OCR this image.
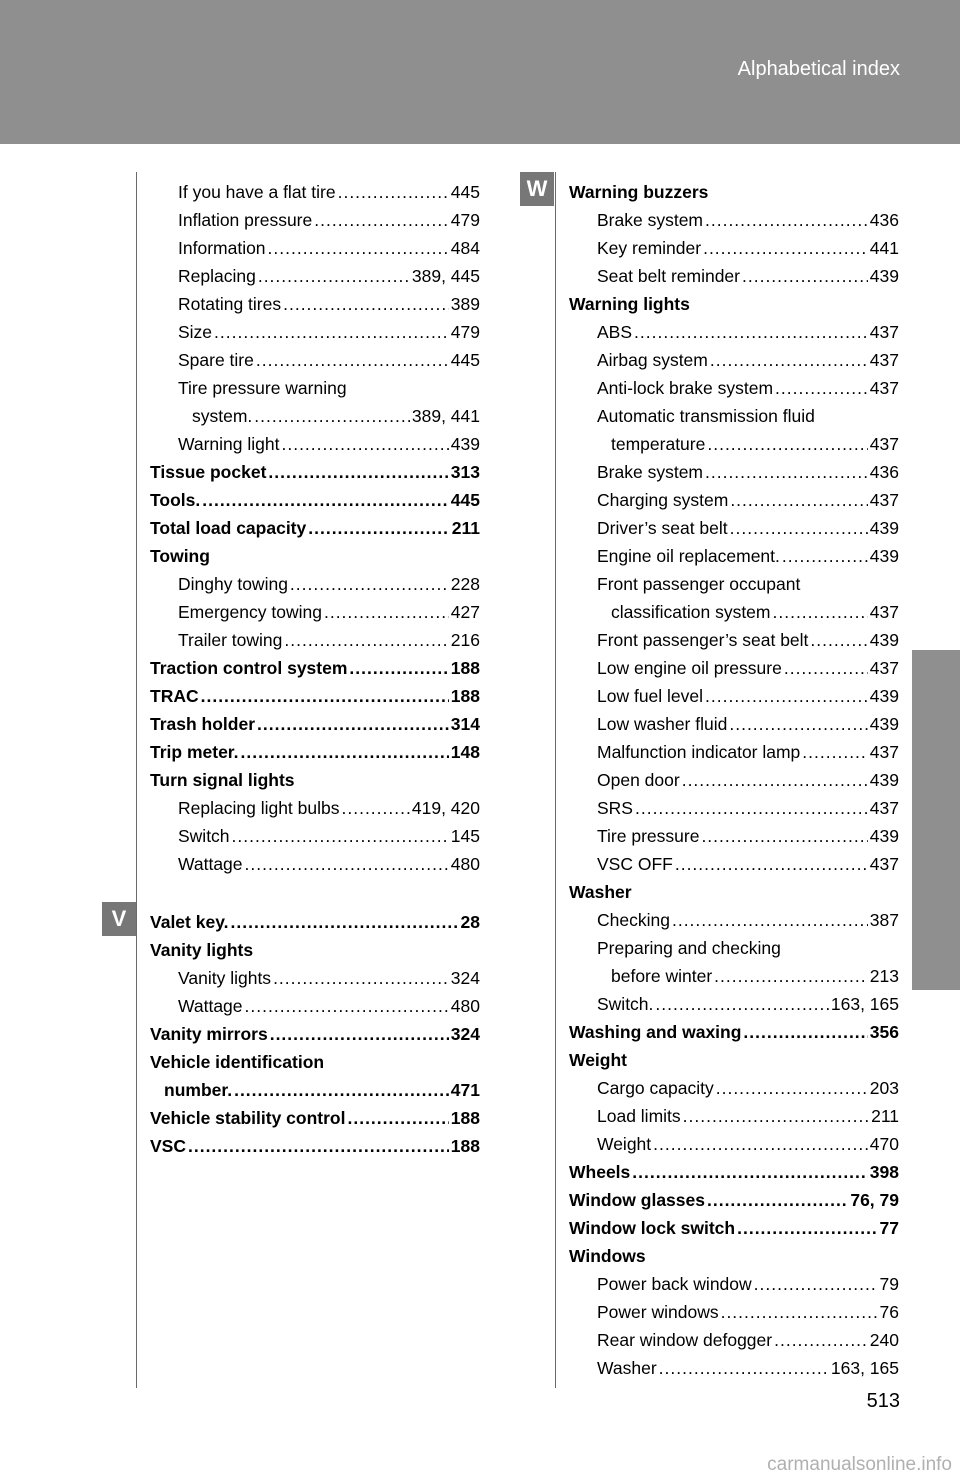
Alphabetical index
W
V
If you have a flat tire .....	445
Inflation pressure .....	479
Information .....	484
Replacing .....	389, 445
Rotating tires .....	389
Size .....	479
Spare tire .....	445
Tire pressure warning
system. .....	389, 441
Warning light .....	439
Tissue pocket .....	313
Tools. .....	445
Total load capacity .....	211
Towing
Dinghy towing .....	228
Emergency towing .....	427
Trailer towing .....	216
Traction control system .....	188
TRAC .....	188
Trash holder .....	314
Trip meter. .....	148
Turn signal lights
Replacing light bulbs .....	419, 420
Switch .....	145
Wattage .....	480
Valet key. .....	28
Vanity lights
Vanity lights .....	324
Wattage .....	480
Vanity mirrors .....	324
Vehicle identification
number. .....	471
Vehicle stability control .....	188
VSC .....	188
Warning buzzers
Brake system .....	436
Key reminder .....	441
Seat belt reminder .....	439
Warning lights
ABS .....	437
Airbag system .....	437
Anti-lock brake system .....	437
Automatic transmission fluid
temperature .....	437
Brake system .....	436
Charging system .....	437
Driver’s seat belt .....	439
Engine oil replacement. .....	439
Front passenger occupant
classification system .....	437
Front passenger’s seat belt .....	439
Low engine oil pressure .....	437
Low fuel level .....	439
Low washer fluid .....	439
Malfunction indicator lamp .....	437
Open door .....	439
SRS .....	437
Tire pressure .....	439
VSC OFF .....	437
Washer
Checking .....	387
Preparing and checking
before winter .....	213
Switch. .....	163, 165
Washing and waxing .....	356
Weight
Cargo capacity .....	203
Load limits .....	211
Weight .....	470
Wheels .....	398
Window glasses .....	76, 79
Window lock switch .....	77
Windows
Power back window .....	79
Power windows .....	76
Rear window defogger .....	240
Washer .....	163, 165
513
carmanualsonline.info
